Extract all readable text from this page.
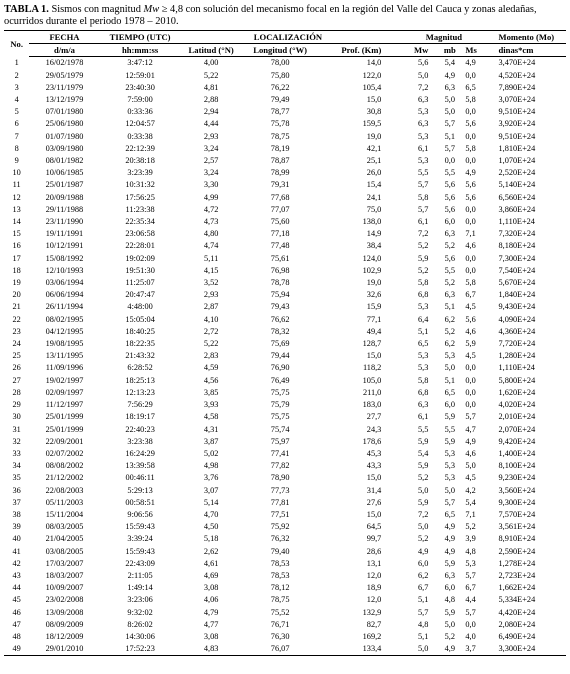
TABLA 1. Sismos con magnitud Mw ≥ 4,8 con solución del mecanismo focal en la región del Valle del Cauca y zonas aledañas, ocurridos durante el periodo 1978 – 2010.

No.	FECHA	TIEMPO (UTC)	LOCALIZACIÓN			Magnitud			Momento (Mo)
	d/m/a	hh:mm:ss	Latitud (°N)	Longitud (°W)	Prof. (Km)	Mw	mb	Ms	dinas*cm
1	16/02/1978	3:47:12	4,00	78,00	14,0	5,6	5,4	4,9	3,470E+24
2	29/05/1979	12:59:01	5,22	75,80	122,0	5,0	4,9	0,0	4,520E+24
3	23/11/1979	23:40:30	4,81	76,22	105,4	7,2	6,3	6,5	7,890E+24
4	13/12/1979	7:59:00	2,88	79,49	15,0	6,3	5,0	5,8	3,070E+24
5	07/01/1980	0:33:36	2,94	78,77	30,8	5,3	5,0	0,0	9,510E+24
6	25/06/1980	12:04:57	4,44	75,78	159,5	6,3	5,7	5,6	3,920E+24
7	01/07/1980	0:33:38	2,93	78,75	19,0	5,3	5,1	0,0	9,510E+24
8	03/09/1980	22:12:39	3,24	78,19	42,1	6,1	5,7	5,8	1,810E+24
9	08/01/1982	20:38:18	2,57	78,87	25,1	5,3	0,0	0,0	1,070E+24
10	10/06/1985	3:23:39	3,24	78,99	26,0	5,5	5,5	4,9	2,520E+24
11	25/01/1987	10:31:32	3,30	79,31	15,4	5,7	5,6	5,6	5,140E+24
12	20/09/1988	17:56:25	4,99	77,68	24,1	5,8	5,6	5,6	6,560E+24
13	29/11/1988	11:23:38	4,72	77,07	75,0	5,7	5,6	0,0	3,860E+24
14	23/11/1990	22:35:34	4,73	75,60	138,0	6,1	6,0	0,0	1,110E+24
15	19/11/1991	23:06:58	4,80	77,18	14,9	7,2	6,3	7,1	7,320E+24
16	10/12/1991	22:28:01	4,74	77,48	38,4	5,2	5,2	4,6	8,180E+24
17	15/08/1992	19:02:09	5,11	75,61	124,0	5,9	5,6	0,0	7,300E+24
18	12/10/1993	19:51:30	4,15	76,98	102,9	5,2	5,5	0,0	7,540E+24
19	03/06/1994	11:25:07	3,52	78,78	19,0	5,8	5,2	5,8	5,670E+24
20	06/06/1994	20:47:47	2,93	75,94	32,6	6,8	6,3	6,7	1,840E+24
21	26/11/1994	4:48:00	2,87	79,43	15,9	5,3	5,1	4,5	9,430E+24
22	08/02/1995	15:05:04	4,10	76,62	77,1	6,4	6,2	5,6	4,090E+24
23	04/12/1995	18:40:25	2,72	78,32	49,4	5,1	5,2	4,6	4,360E+24
24	19/08/1995	18:22:35	5,22	75,69	128,7	6,5	6,2	5,9	7,720E+24
25	13/11/1995	21:43:32	2,83	79,44	15,0	5,3	5,3	4,5	1,280E+24
26	11/09/1996	6:28:52	4,59	76,90	118,2	5,3	5,0	0,0	1,110E+24
27	19/02/1997	18:25:13	4,56	76,49	105,0	5,8	5,1	0,0	5,800E+24
28	02/09/1997	12:13:23	3,85	75,75	211,0	6,8	6,5	0,0	1,620E+24
29	11/12/1997	7:56:29	3,93	75,79	183,0	6,3	6,0	0,0	4,020E+24
30	25/01/1999	18:19:17	4,58	75,75	27,7	6,1	5,9	5,7	2,010E+24
31	25/01/1999	22:40:23	4,31	75,74	24,3	5,5	5,5	4,7	2,070E+24
32	22/09/2001	3:23:38	3,87	75,97	178,6	5,9	5,9	4,9	9,420E+24
33	02/07/2002	16:24:29	5,02	77,41	45,3	5,4	5,3	4,6	1,400E+24
34	08/08/2002	13:39:58	4,98	77,82	43,3	5,9	5,3	5,0	8,100E+24
35	21/12/2002	00:46:11	3,76	78,90	15,0	5,2	5,3	4,5	9,230E+24
36	22/08/2003	5:29:13	3,07	77,73	31,4	5,0	5,0	4,2	3,560E+24
37	05/11/2003	00:58:51	5,14	77,81	27,6	5,9	5,7	5,4	9,300E+24
38	15/11/2004	9:06:56	4,70	77,51	15,0	7,2	6,5	7,1	7,570E+24
39	08/03/2005	15:59:43	4,50	75,92	64,5	5,0	4,9	5,2	3,561E+24
40	21/04/2005	3:39:24	5,18	76,32	99,7	5,2	4,9	3,9	8,910E+24
41	03/08/2005	15:59:43	2,62	79,40	28,6	4,9	4,9	4,8	2,590E+24
42	17/03/2007	22:43:09	4,61	78,53	13,1	6,0	5,9	5,3	1,278E+24
43	18/03/2007	2:11:05	4,69	78,53	12,0	6,2	6,3	5,7	2,723E+24
44	10/09/2007	1:49:14	3,08	78,12	18,9	6,7	6,0	6,7	1,662E+24
45	23/02/2008	3:23:06	4,06	78,75	12,0	5,1	4,8	4,4	5,334E+24
46	13/09/2008	9:32:02	4,79	75,52	132,9	5,7	5,9	5,7	4,420E+24
47	08/09/2009	8:26:02	4,77	76,71	82,7	4,8	5,0	0,0	2,080E+24
48	18/12/2009	14:30:06	3,08	76,30	169,2	5,1	5,2	4,0	6,490E+24
49	29/01/2010	17:52:23	4,83	76,07	133,4	5,0	4,9	3,7	3,300E+24
